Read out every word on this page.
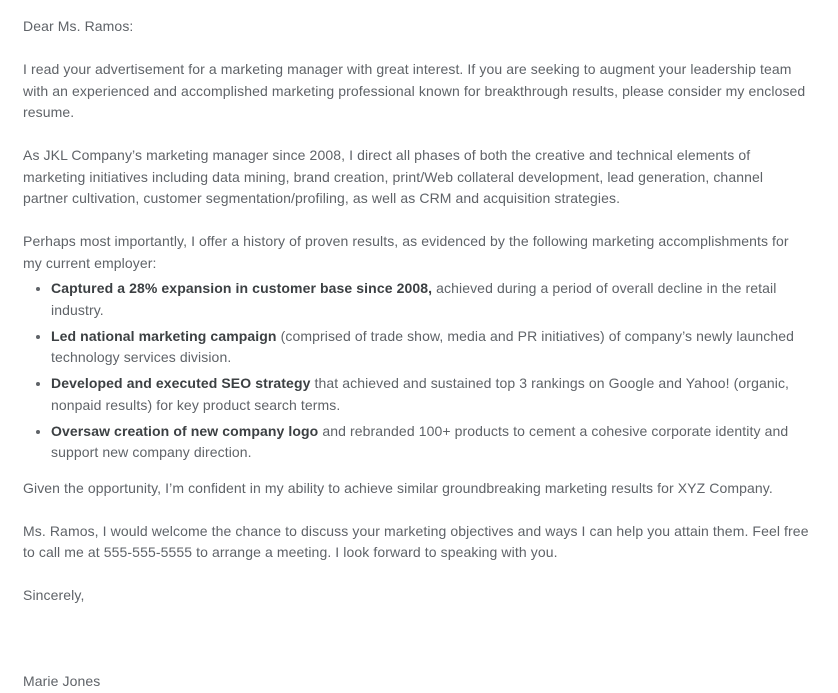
Dear Ms. Ramos:

I read your advertisement for a marketing manager with great interest. If you are seeking to augment your leadership team with an experienced and accomplished marketing professional known for breakthrough results, please consider my enclosed resume.

As JKL Company’s marketing manager since 2008, I direct all phases of both the creative and technical elements of marketing initiatives including data mining, brand creation, print/Web collateral development, lead generation, channel partner cultivation, customer segmentation/profiling, as well as CRM and acquisition strategies.

Perhaps most importantly, I offer a history of proven results, as evidenced by the following marketing accomplishments for my current employer:

• Captured a 28% expansion in customer base since 2008, achieved during a period of overall decline in the retail industry.
• Led national marketing campaign (comprised of trade show, media and PR initiatives) of company’s newly launched technology services division.
• Developed and executed SEO strategy that achieved and sustained top 3 rankings on Google and Yahoo! (organic, nonpaid results) for key product search terms.
• Oversaw creation of new company logo and rebranded 100+ products to cement a cohesive corporate identity and support new company direction.

Given the opportunity, I’m confident in my ability to achieve similar groundbreaking marketing results for XYZ Company.

Ms. Ramos, I would welcome the chance to discuss your marketing objectives and ways I can help you attain them. Feel free to call me at 555-555-5555 to arrange a meeting. I look forward to speaking with you.

Sincerely,

Marie Jones
